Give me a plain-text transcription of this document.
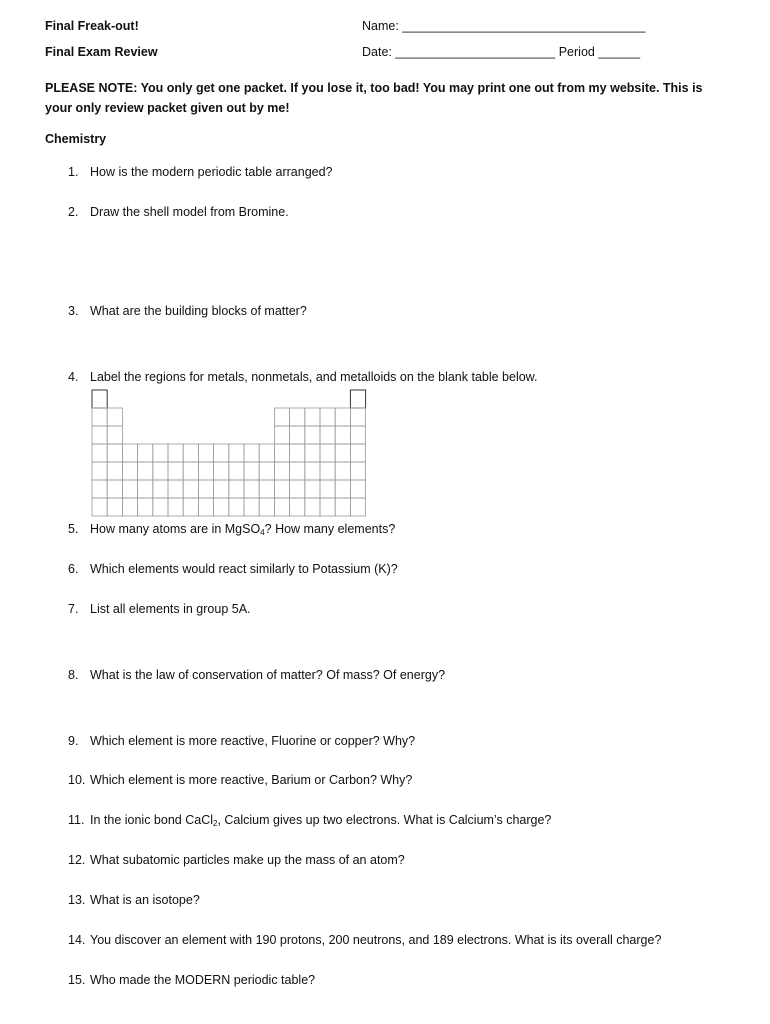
Final Freak-out!
Final Exam Review
Name: ___________________________________
Date: _______________________ Period ______
PLEASE NOTE: You only get one packet. If you lose it, too bad! You may print one out from my website. This is your only review packet given out by me!
Chemistry
1. How is the modern periodic table arranged?
2. Draw the shell model from Bromine.
3. What are the building blocks of matter?
4. Label the regions for metals, nonmetals, and metalloids on the blank table below.
5. How many atoms are in MgSO$_4$? How many elements?
6. Which elements would react similarly to Potassium (K)?
7. List all elements in group 5A.
8. What is the law of conservation of matter? Of mass? Of energy?
9. Which element is more reactive, Fluorine or copper? Why?
10. Which element is more reactive, Barium or Carbon? Why?
11. In the ionic bond CaCl$_2$, Calcium gives up two electrons. What is Calcium’s charge?
12. What subatomic particles make up the mass of an atom?
13. What is an isotope?
14. You discover an element with 190 protons, 200 neutrons, and 189 electrons. What is its overall charge?
15. Who made the MODERN periodic table?
